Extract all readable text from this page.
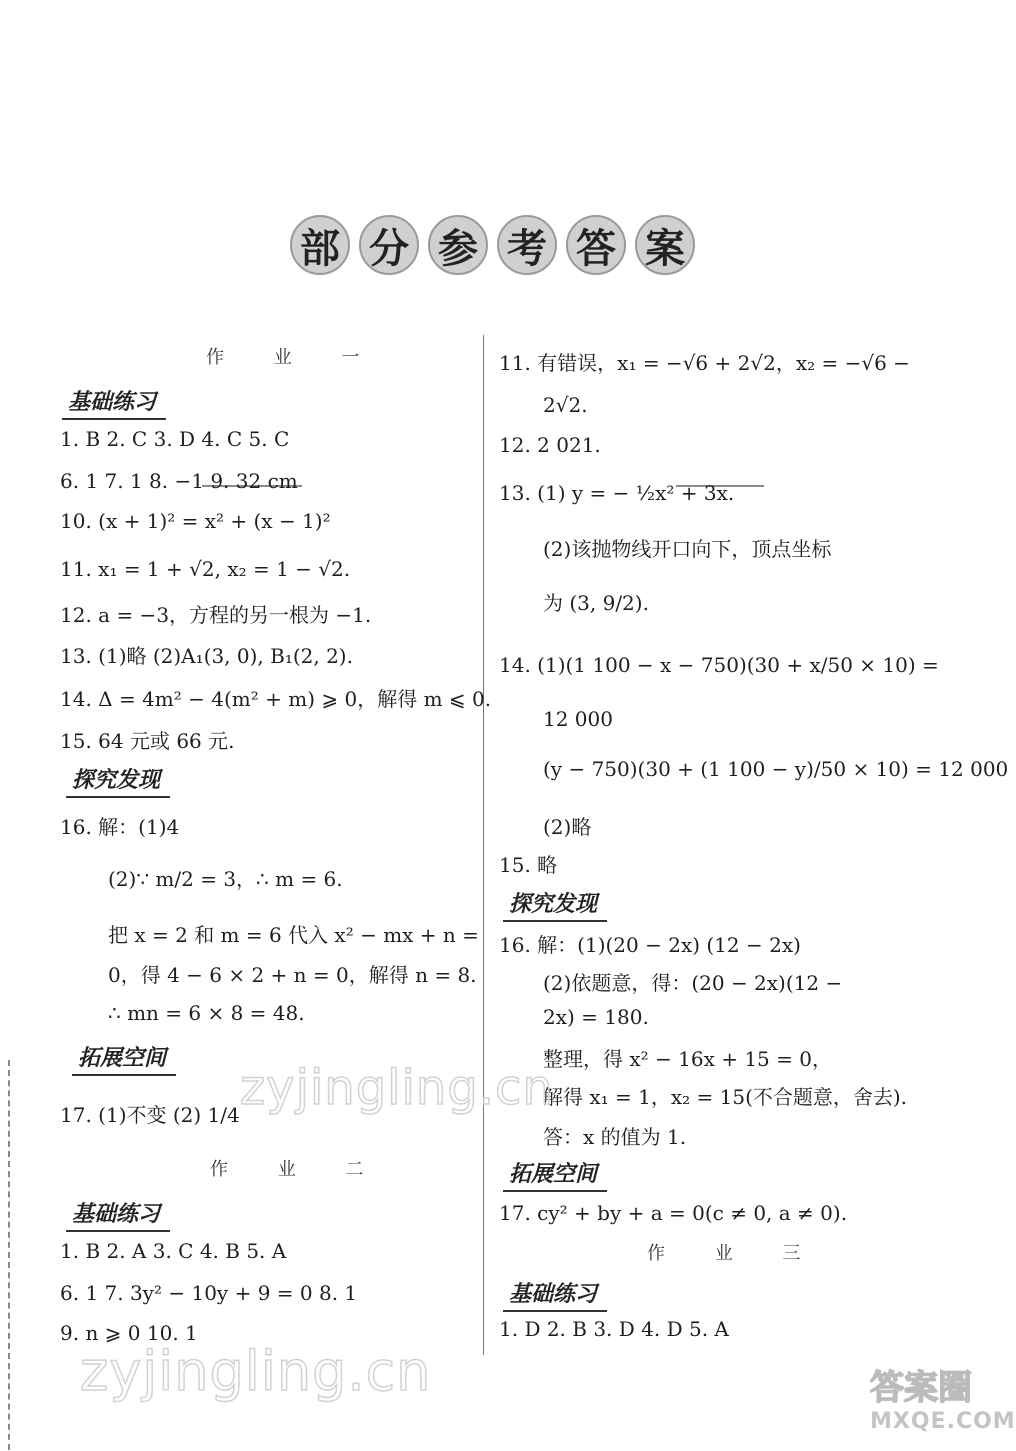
部 分 参 考 答 案
作 业 一
基础练习
1. B 2. C 3. D 4. C 5. C
6. 1 7. 1 8. −1 9. 32 cm
10. (x + 1)² = x² + (x − 1)²
11. x₁ = 1 + √2, x₂ = 1 − √2.
12. a = −3，方程的另一根为 −1.
13. (1)略 (2)A₁(3, 0), B₁(2, 2).
14. Δ = 4m² − 4(m² + m) ⩾ 0，解得 m ⩽ 0.
15. 64 元或 66 元.
探究发现
16. 解：(1)4
(2)∵ m/2 = 3，∴ m = 6.
把 x = 2 和 m = 6 代入 x² − mx + n =
0，得 4 − 6 × 2 + n = 0，解得 n = 8.
∴ mn = 6 × 8 = 48.
拓展空间
17. (1)不变 (2) 1/4
作 业 二
基础练习
1. B 2. A 3. C 4. B 5. A
6. 1 7. 3y² − 10y + 9 = 0 8. 1
9. n ⩾ 0 10. 1
11. 有错误，x₁ = −√6 + 2√2，x₂ = −√6 −
2√2.
12. 2 021.
13. (1) y = − ½x² + 3x.
(2)该抛物线开口向下，顶点坐标
为 (3, 9/2).
14. (1)(1 100 − x − 750)(30 + x/50 × 10) =
12 000
(y − 750)(30 + (1 100 − y)/50 × 10) = 12 000
(2)略
15. 略
探究发现
16. 解：(1)(20 − 2x) (12 − 2x)
(2)依题意，得：(20 − 2x)(12 −
2x) = 180.
整理，得 x² − 16x + 15 = 0，
解得 x₁ = 1，x₂ = 15(不合题意，舍去).
答：x 的值为 1.
拓展空间
17. cy² + by + a = 0(c ≠ 0, a ≠ 0).
作 业 三
基础练习
1. D 2. B 3. D 4. D 5. A
zyjingling.cn
zyjingling.cn	答案圈
MXQE.COM
